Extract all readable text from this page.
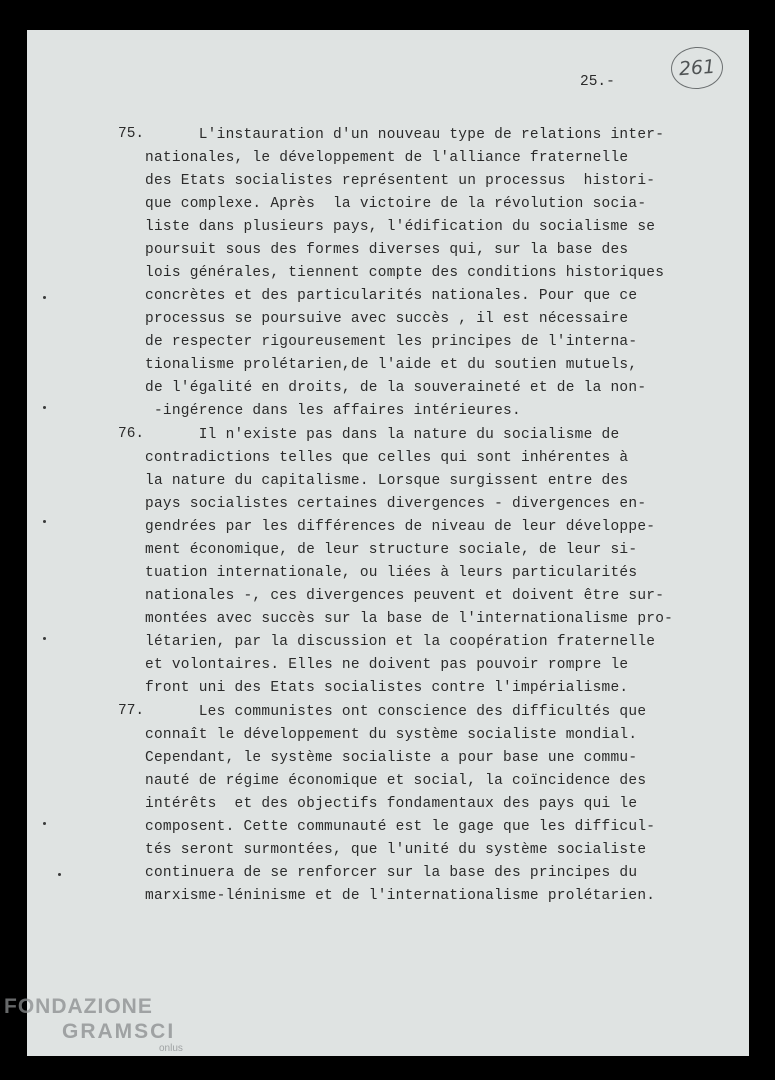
25.-
261
75. L'instauration d'un nouveau type de relations inter-
nationales, le développement de l'alliance fraternelle
des Etats socialistes représentent un processus  histori-
que complexe. Après  la victoire de la révolution socia-
liste dans plusieurs pays, l'édification du socialisme se
poursuit sous des formes diverses qui, sur la base des
lois générales, tiennent compte des conditions historiques
concrètes et des particularités nationales. Pour que ce
processus se poursuive avec succès , il est nécessaire
de respecter rigoureusement les principes de l'interna-
tionalisme prolétarien,de l'aide et du soutien mutuels,
de l'égalité en droits, de la souveraineté et de la non-
-ingérence dans les affaires intérieures.
76. Il n'existe pas dans la nature du socialisme de
contradictions telles que celles qui sont inhérentes à
la nature du capitalisme. Lorsque surgissent entre des
pays socialistes certaines divergences - divergences en-
gendrées par les différences de niveau de leur développe-
ment économique, de leur structure sociale, de leur si-
tuation internationale, ou liées à leurs particularités
nationales -, ces divergences peuvent et doivent être sur-
montées avec succès sur la base de l'internationalisme pro-
létarien, par la discussion et la coopération fraternelle
et volontaires. Elles ne doivent pas pouvoir rompre le
front uni des Etats socialistes contre l'impérialisme.
77. Les communistes ont conscience des difficultés que
connaît le développement du système socialiste mondial.
Cependant, le système socialiste a pour base une commu-
nauté de régime économique et social, la coïncidence des
intérêts  et des objectifs fondamentaux des pays qui le
composent. Cette communauté est le gage que les difficul-
tés seront surmontées, que l'unité du système socialiste
continuera de se renforcer sur la base des principes du
marxisme-léninisme et de l'internationalisme prolétarien.
FONDAZIONE
GRAMSCI
onlus
